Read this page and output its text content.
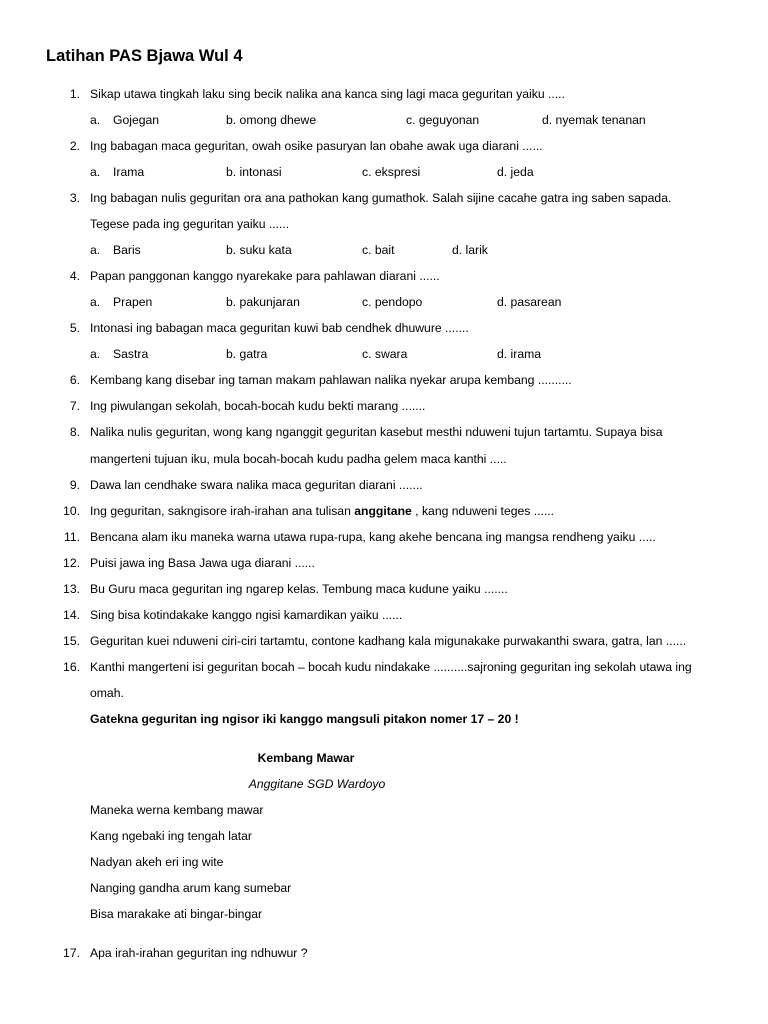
Latihan PAS Bjawa Wul 4
1. Sikap utawa tingkah laku sing becik nalika ana kanca sing lagi maca geguritan yaiku .....
a. Gojegan	b. omong dhewe	c. geguyonan	d. nyemak tenanan
2. Ing babagan maca geguritan, owah osike pasuryan lan obahe awak uga diarani ......
a. Irama	b. intonasi	c. ekspresi	d. jeda
3. Ing babagan nulis geguritan ora ana pathokan kang gumathok. Salah sijine cacahe gatra ing saben sapada.
Tegese pada ing geguritan yaiku ......
a. Baris	b. suku kata	c. bait	d. larik
4. Papan panggonan kanggo nyarekake para pahlawan diarani ......
a. Prapen	b. pakunjaran	c. pendopo	d. pasarean
5. Intonasi ing babagan maca geguritan kuwi bab cendhek dhuwure .......
a. Sastra	b. gatra	c. swara	d. irama
6. Kembang kang disebar ing taman makam pahlawan nalika nyekar arupa kembang ..........
7. Ing piwulangan sekolah, bocah-bocah kudu bekti marang .......
8. Nalika nulis geguritan, wong kang nganggit geguritan kasebut mesthi nduweni tujun tartamtu. Supaya bisa
mangerteni tujuan iku, mula bocah-bocah kudu padha gelem maca kanthi .....
9. Dawa lan cendhake swara nalika maca geguritan diarani .......
10. Ing geguritan, sakngisore irah-irahan ana tulisan anggitane , kang nduweni teges ......
11. Bencana alam iku maneka warna utawa rupa-rupa, kang akehe bencana ing mangsa rendheng yaiku .....
12. Puisi jawa ing Basa Jawa uga diarani ......
13. Bu Guru maca geguritan ing ngarep kelas. Tembung maca kudune yaiku .......
14. Sing bisa kotindakake kanggo ngisi kamardikan yaiku ......
15. Geguritan kuei nduweni ciri-ciri tartamtu, contone kadhang kala migunakake purwakanthi swara, gatra, lan ......
16. Kanthi mangerteni isi geguritan bocah – bocah kudu nindakake ..........sajroning geguritan ing sekolah utawa ing
omah.
Gatekna geguritan ing ngisor iki kanggo mangsuli pitakon nomer 17 – 20 !
Kembang Mawar
Anggitane SGD Wardoyo
Maneka werna kembang mawar
Kang ngebaki ing tengah latar
Nadyan akeh eri ing wite
Nanging gandha arum kang sumebar
Bisa marakake ati bingar-bingar
17. Apa irah-irahan geguritan ing ndhuwur ?
